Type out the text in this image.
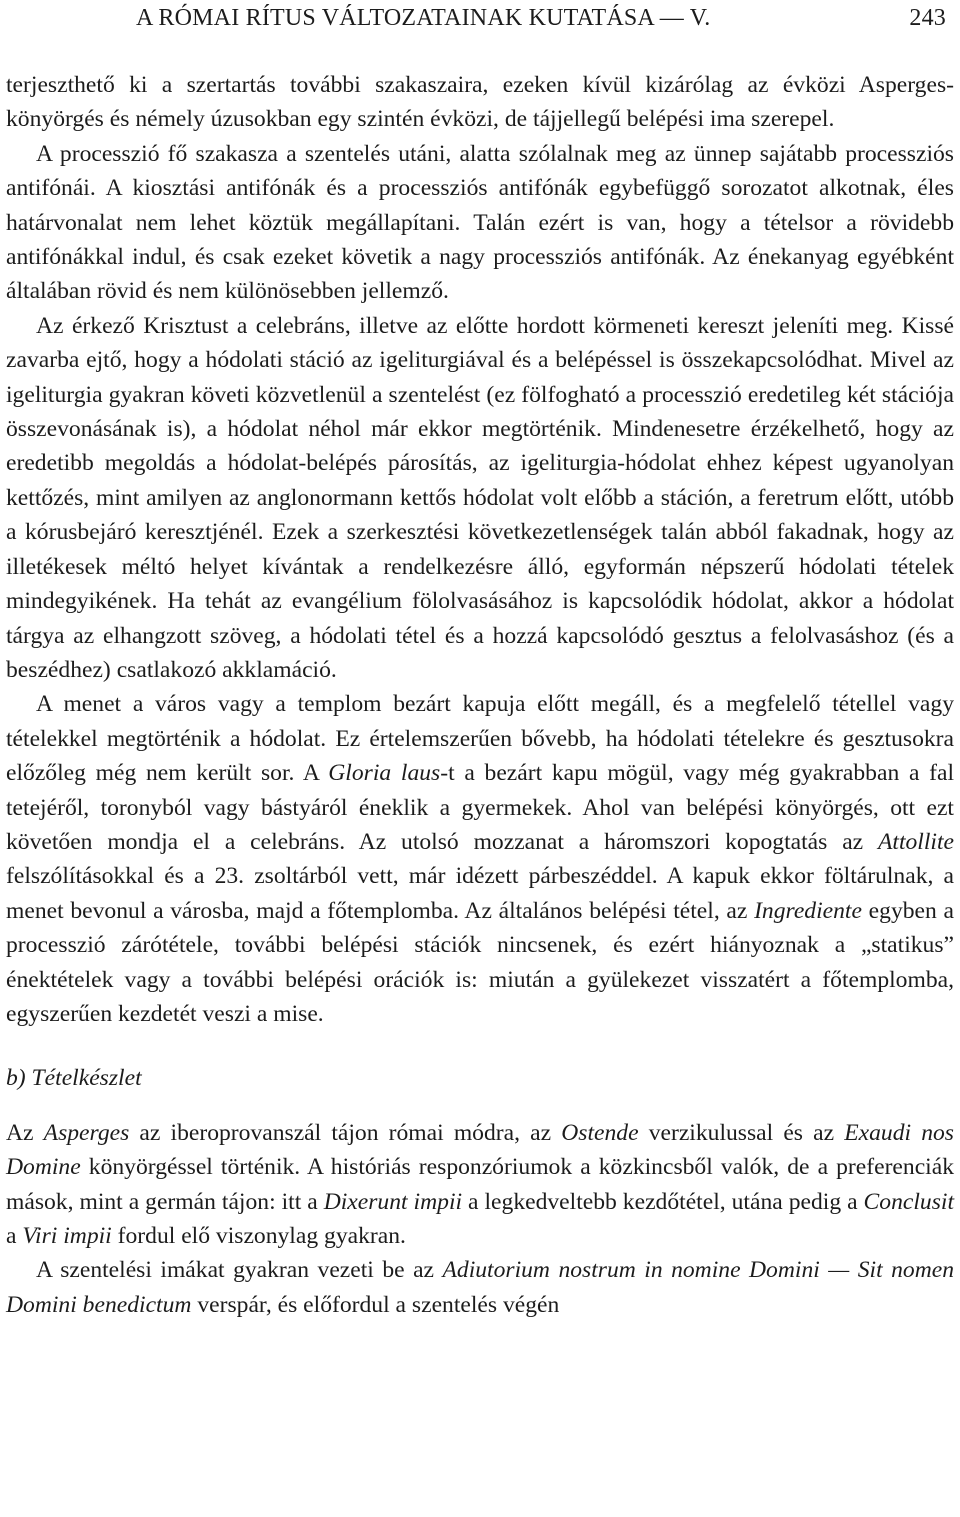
A RÓMAI RÍTUS VÁLTOZATAINAK KUTATÁSA — V.	243

terjeszthető ki a szertartás további szakaszaira, ezeken kívül kizárólag az évközi Asperges-könyörgés és némely úzusokban egy szintén évközi, de tájjellegű belépési ima szerepel.

A processzió fő szakasza a szentelés utáni, alatta szólalnak meg az ünnep sajátabb processziós antifónái. A kiosztási antifónák és a processziós antifónák egybefüggő sorozatot alkotnak, éles határvonalat nem lehet köztük megállapítani. Talán ezért is van, hogy a tételsor a rövidebb antifónákkal indul, és csak ezeket követik a nagy processziós antifónák. Az énekanyag egyébként általában rövid és nem különösebben jellemző.

Az érkező Krisztust a celebráns, illetve az előtte hordott körmeneti kereszt jeleníti meg. Kissé zavarba ejtő, hogy a hódolati stáció az igeliturgiával és a belépéssel is összekapcsolódhat. Mivel az igeliturgia gyakran követi közvetlenül a szentelést (ez fölfogható a processzió eredetileg két stációja összevonásának is), a hódolat néhol már ekkor megtörténik. Mindenesetre érzékelhető, hogy az eredetibb megoldás a hódolat-belépés párosítás, az igeliturgia-hódolat ehhez képest ugyanolyan kettőzés, mint amilyen az anglonormann kettős hódolat volt előbb a stáción, a feretrum előtt, utóbb a kórusbejáró keresztjénél. Ezek a szerkesztési következetlenségek talán abból fakadnak, hogy az illetékesek méltó helyet kívántak a rendelkezésre álló, egyformán népszerű hódolati tételek mindegyikének. Ha tehát az evangélium fölolvasásához is kapcsolódik hódolat, akkor a hódolat tárgya az elhangzott szöveg, a hódolati tétel és a hozzá kapcsolódó gesztus a felolvasáshoz (és a beszédhez) csatlakozó akklamáció.

A menet a város vagy a templom bezárt kapuja előtt megáll, és a megfelelő tétellel vagy tételekkel megtörténik a hódolat. Ez értelemszerűen bővebb, ha hódolati tételekre és gesztusokra előzőleg még nem került sor. A Gloria laus-t a bezárt kapu mögül, vagy még gyakrabban a fal tetejéről, toronyból vagy bástyáról éneklik a gyermekek. Ahol van belépési könyörgés, ott ezt követően mondja el a celebráns. Az utolsó mozzanat a háromszori kopogtatás az Attollite felszólításokkal és a 23. zsoltárból vett, már idézett párbeszéddel. A kapuk ekkor föltárulnak, a menet bevonul a városba, majd a főtemplomba. Az általános belépési tétel, az Ingrediente egyben a processzió zárótétele, további belépési stációk nincsenek, és ezért hiányoznak a „statikus” énektételek vagy a további belépési orációk is: miután a gyülekezet visszatért a főtemplomba, egyszerűen kezdetét veszi a mise.

b) Tételkészlet

Az Asperges az iberoprovanszál tájon római módra, az Ostende verzikulussal és az Exaudi nos Domine könyörgéssel történik. A históriás responzóriumok a közkincsből valók, de a preferenciák mások, mint a germán tájon: itt a Dixerunt impii a legkedveltebb kezdőtétel, utána pedig a Conclusit a Viri impii fordul elő viszonylag gyakran.

A szentelési imákat gyakran vezeti be az Adiutorium nostrum in nomine Domini — Sit nomen Domini benedictum verspár, és előfordul a szentelés végén
